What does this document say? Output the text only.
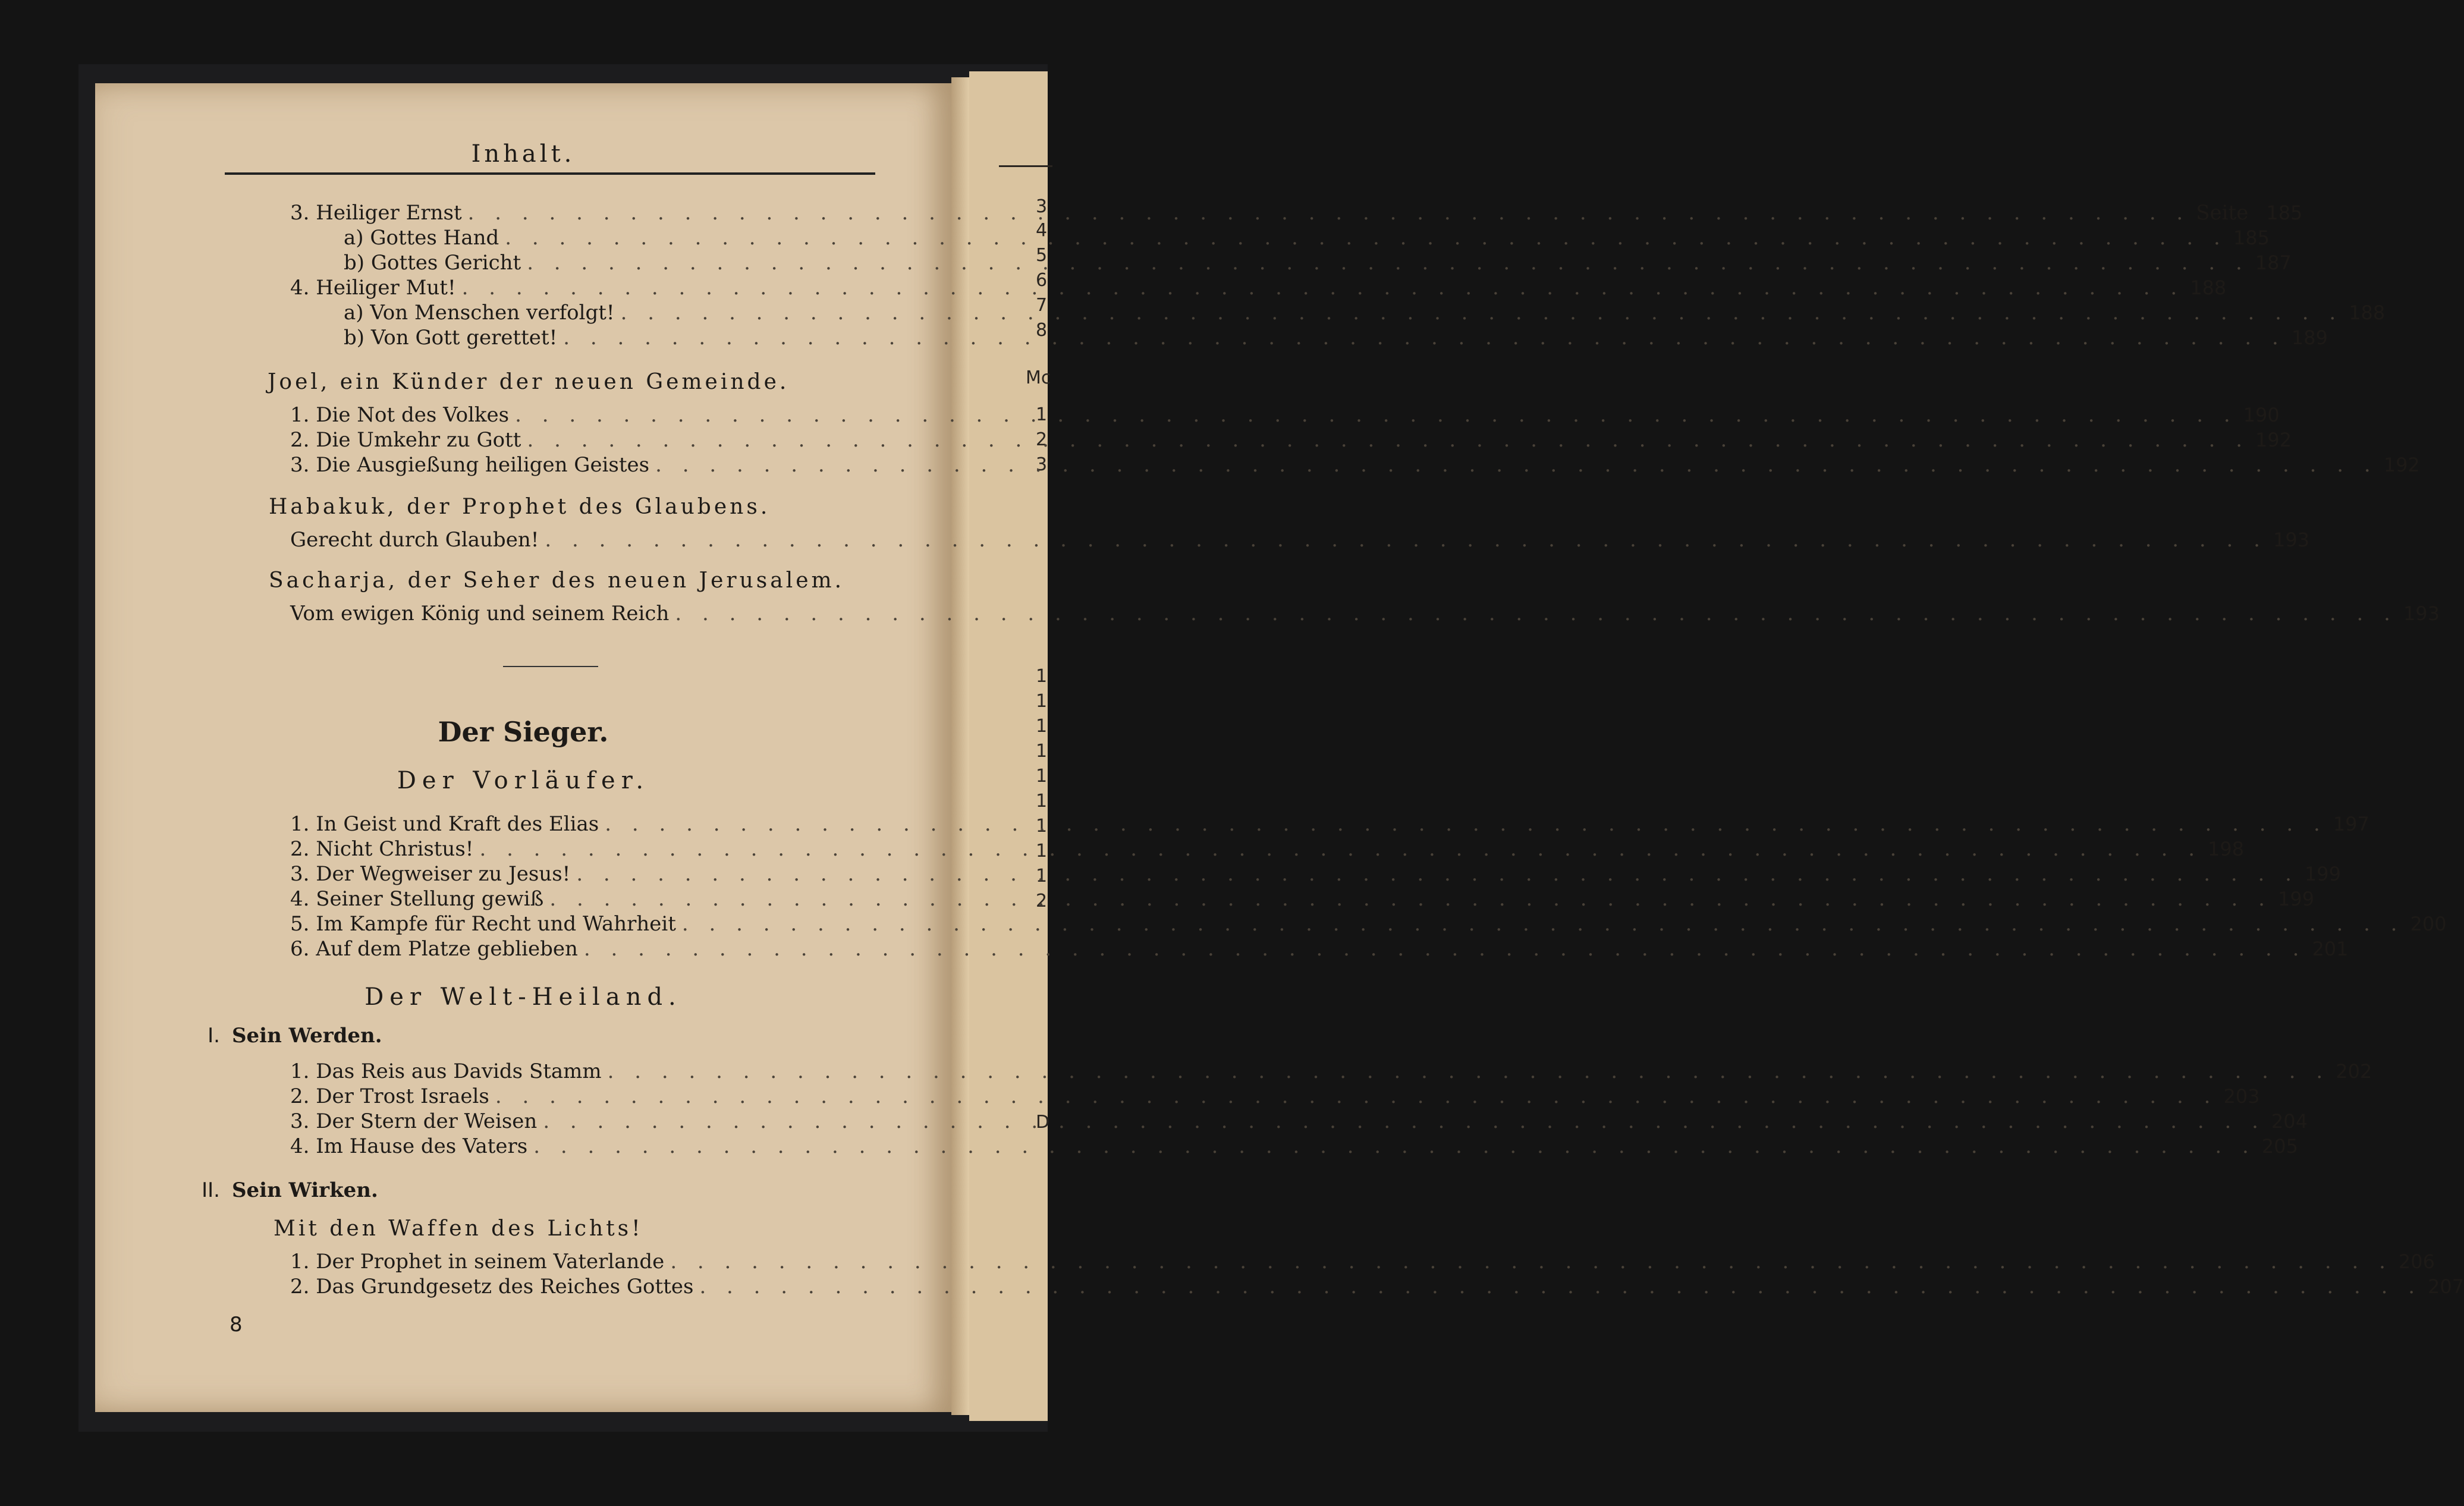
3
4
5
6
7
8
Mc
1
2
3
1
1
1
1
1
1
1
1
1
2
D
Inhalt.
3. Heiliger Ernst . . .	Seite 185
a) Gottes Hand . . .	185
b) Gottes Gericht . . .	187
4. Heiliger Mut! . . .	188
a) Von Menschen verfolgt! . . .	188
b) Von Gott gerettet! . . .	189
Joel, ein Künder der neuen Gemeinde.
1. Die Not des Volkes . . .	190
2. Die Umkehr zu Gott . . .	192
3. Die Ausgießung heiligen Geistes . . .	192
Habakuk, der Prophet des Glaubens.
Gerecht durch Glauben! . . .	193
Sacharja, der Seher des neuen Jerusalem.
Vom ewigen König und seinem Reich . . .	193
Der Sieger.
Der Vorläufer.
1. In Geist und Kraft des Elias . . .	197
2. Nicht Christus! . . .	198
3. Der Wegweiser zu Jesus! . . .	199
4. Seiner Stellung gewiß . . .	199
5. Im Kampfe für Recht und Wahrheit . . .	200
6. Auf dem Platze geblieben . . .	201
Der Welt-Heiland.
I. Sein Werden.
1. Das Reis aus Davids Stamm . . .	202
2. Der Trost Israels . . .	203
3. Der Stern der Weisen . . .	204
4. Im Hause des Vaters . . .	205
II. Sein Wirken.
Mit den Waffen des Lichts!
1. Der Prophet in seinem Vaterlande . . .	206
2. Das Grundgesetz des Reiches Gottes . . .	207
8
